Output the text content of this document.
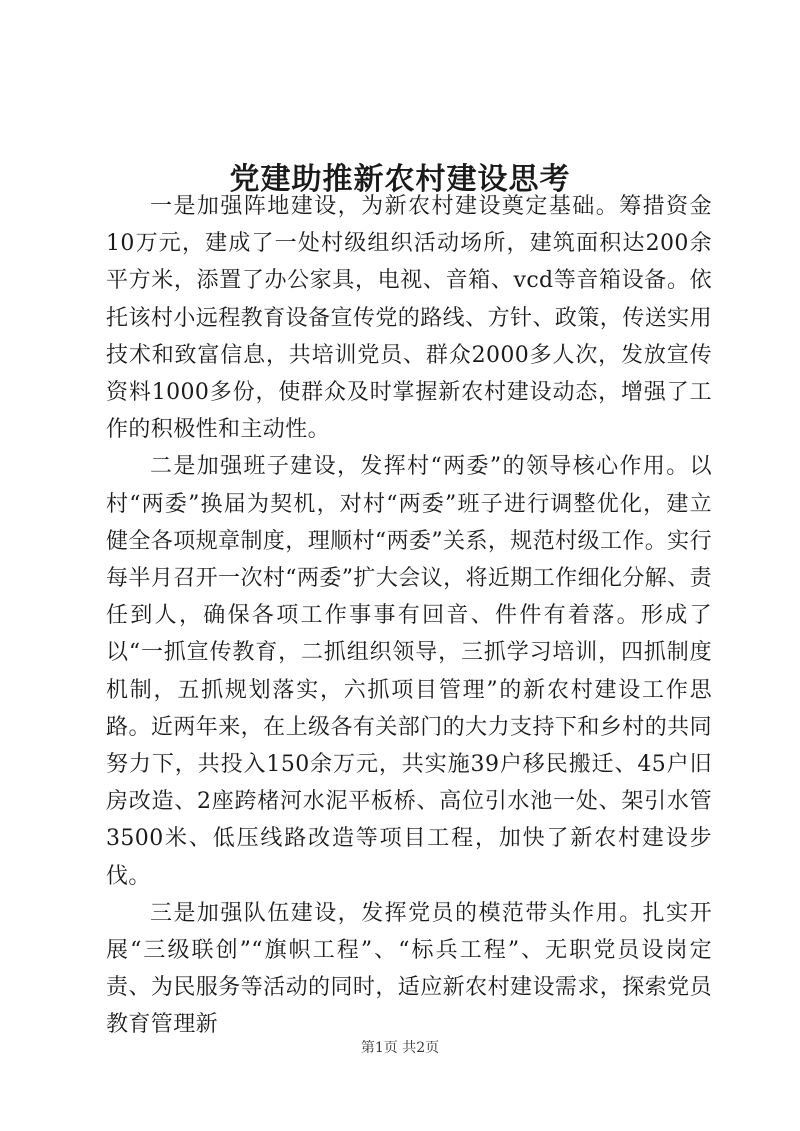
党建助推新农村建设思考

一是加强阵地建设，为新农村建设奠定基础。筹措资金10万元，建成了一处村级组织活动场所，建筑面积达200余平方米，添置了办公家具，电视、音箱、vcd等音箱设备。依托该村小远程教育设备宣传党的路线、方针、政策，传送实用技术和致富信息，共培训党员、群众2000多人次，发放宣传资料1000多份，使群众及时掌握新农村建设动态，增强了工作的积极性和主动性。

二是加强班子建设，发挥村“两委”的领导核心作用。以村“两委”换届为契机，对村“两委”班子进行调整优化，建立健全各项规章制度，理顺村“两委”关系，规范村级工作。实行每半月召开一次村“两委”扩大会议，将近期工作细化分解、责任到人，确保各项工作事事有回音、件件有着落。形成了以“一抓宣传教育，二抓组织领导，三抓学习培训，四抓制度机制，五抓规划落实，六抓项目管理”的新农村建设工作思路。近两年来，在上级各有关部门的大力支持下和乡村的共同努力下，共投入150余万元，共实施39户移民搬迁、45户旧房改造、2座跨楮河水泥平板桥、高位引水池一处、架引水管3500米、低压线路改造等项目工程，加快了新农村建设步伐。

三是加强队伍建设，发挥党员的模范带头作用。扎实开展“三级联创”“旗帜工程”、“标兵工程”、无职党员设岗定责、为民服务等活动的同时，适应新农村建设需求，探索党员教育管理新

第1页 共2页
